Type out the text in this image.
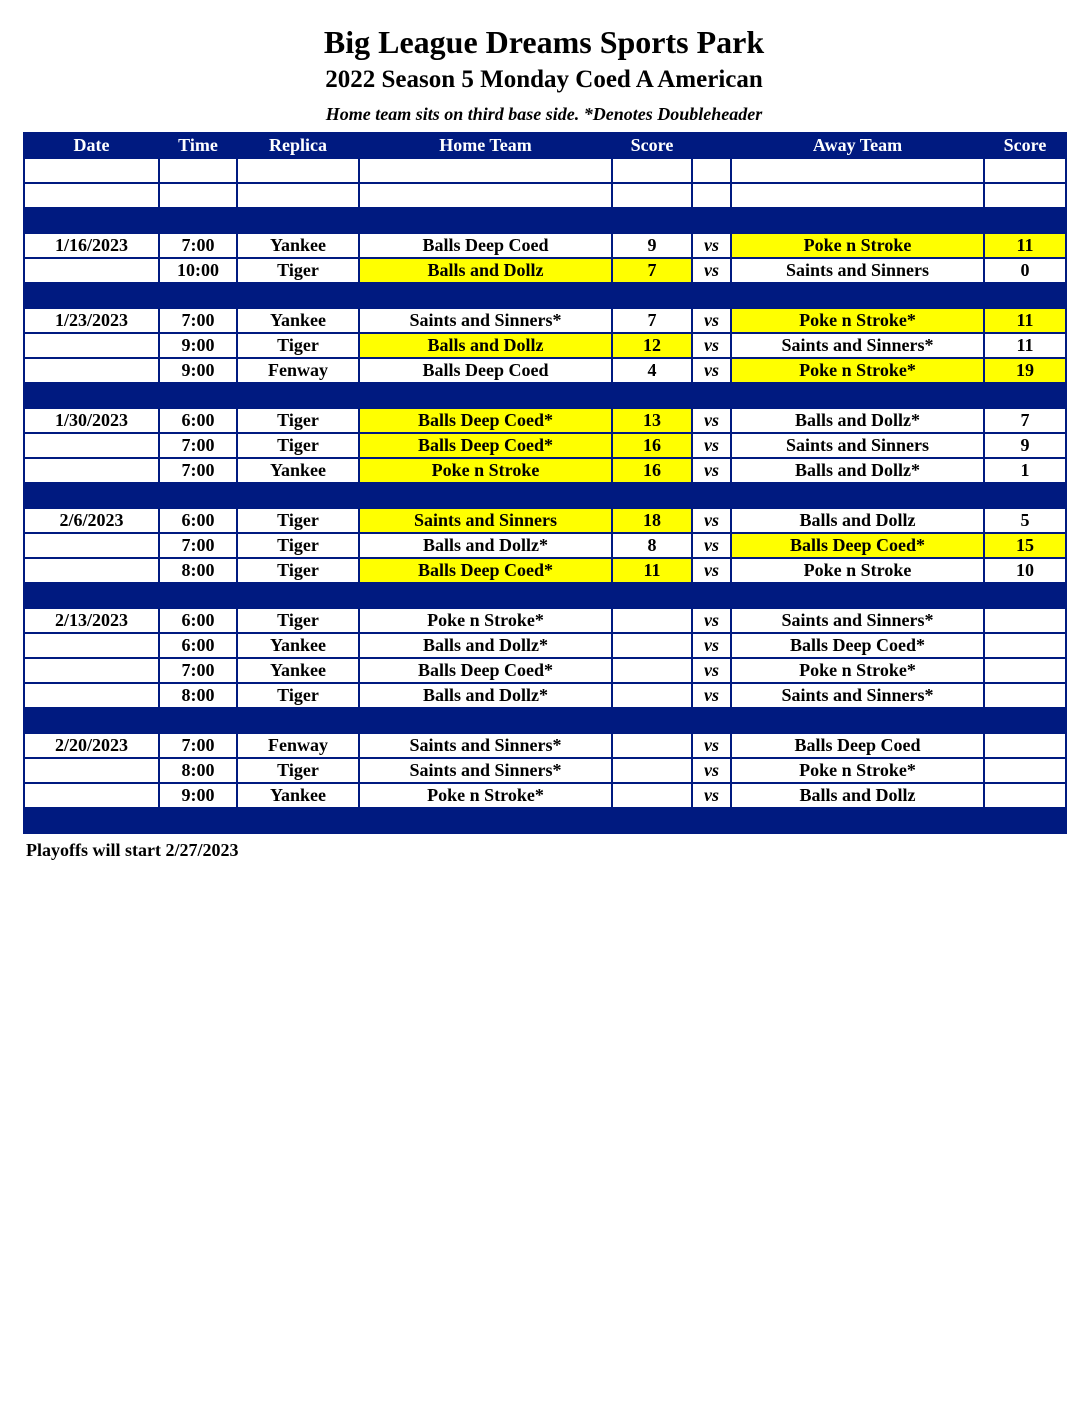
Big League Dreams Sports Park
2022 Season 5 Monday Coed A American
Home team sits on third base side. *Denotes Doubleheader
Date	Time	Replica	Home Team	Score		Away Team	Score

1/16/2023	7:00	Yankee	Balls Deep Coed	9	vs	Poke n Stroke	11
	10:00	Tiger	Balls and Dollz	7	vs	Saints and Sinners	0

1/23/2023	7:00	Yankee	Saints and Sinners*	7	vs	Poke n Stroke*	11
	9:00	Tiger	Balls and Dollz	12	vs	Saints and Sinners*	11
	9:00	Fenway	Balls Deep Coed	4	vs	Poke n Stroke*	19

1/30/2023	6:00	Tiger	Balls Deep Coed*	13	vs	Balls and Dollz*	7
	7:00	Tiger	Balls Deep Coed*	16	vs	Saints and Sinners	9
	7:00	Yankee	Poke n Stroke	16	vs	Balls and Dollz*	1

2/6/2023	6:00	Tiger	Saints and Sinners	18	vs	Balls and Dollz	5
	7:00	Tiger	Balls and Dollz*	8	vs	Balls Deep Coed*	15
	8:00	Tiger	Balls Deep Coed*	11	vs	Poke n Stroke	10

2/13/2023	6:00	Tiger	Poke n Stroke*		vs	Saints and Sinners*	
	6:00	Yankee	Balls and Dollz*		vs	Balls Deep Coed*	
	7:00	Yankee	Balls Deep Coed*		vs	Poke n Stroke*	
	8:00	Tiger	Balls and Dollz*		vs	Saints and Sinners*	

2/20/2023	7:00	Fenway	Saints and Sinners*		vs	Balls Deep Coed	
	8:00	Tiger	Saints and Sinners*		vs	Poke n Stroke*	
	9:00	Yankee	Poke n Stroke*		vs	Balls and Dollz	

Playoffs will start 2/27/2023
